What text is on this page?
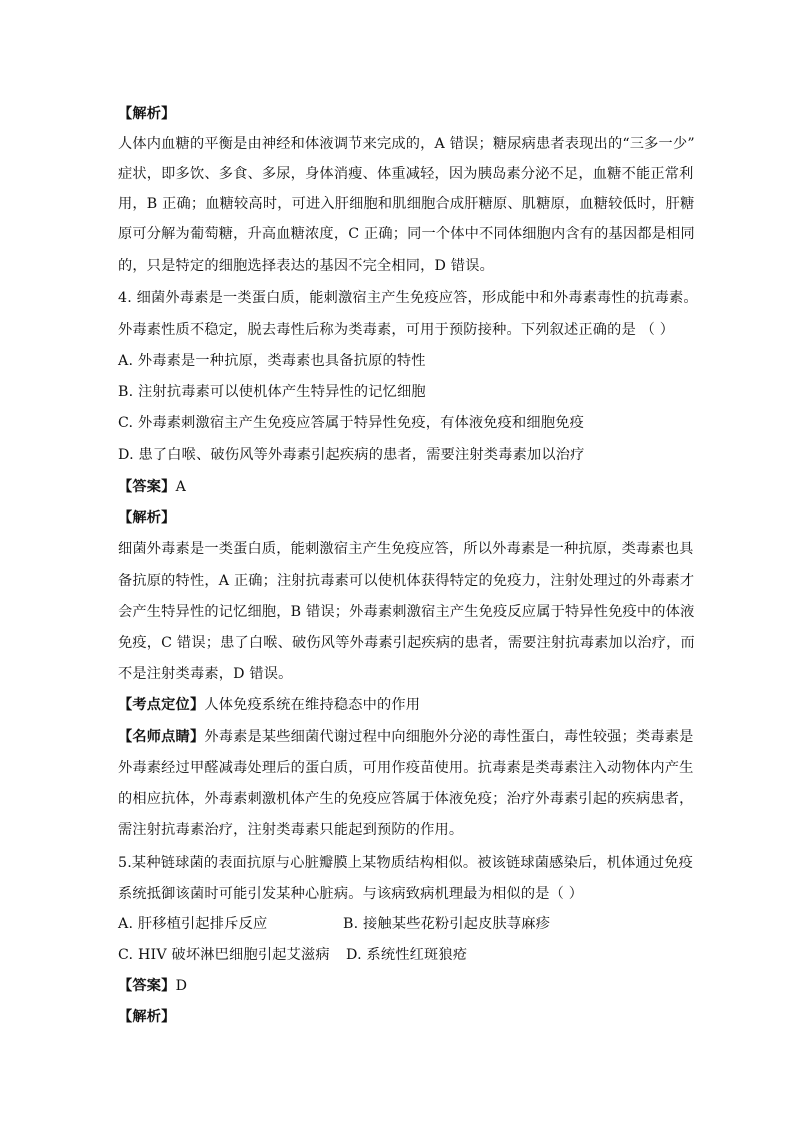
【解析】
人体内血糖的平衡是由神经和体液调节来完成的，A 错误；糖尿病患者表现出的“三多一少”
症状，即多饮、多食、多尿，身体消瘦、体重减轻，因为胰岛素分泌不足，血糖不能正常利
用，B 正确；血糖较高时，可进入肝细胞和肌细胞合成肝糖原、肌糖原，血糖较低时，肝糖
原可分解为葡萄糖，升高血糖浓度，C 正确；同一个体中不同体细胞内含有的基因都是相同
的，只是特定的细胞选择表达的基因不完全相同，D 错误。
4. 细菌外毒素是一类蛋白质，能刺激宿主产生免疫应答，形成能中和外毒素毒性的抗毒素。
外毒素性质不稳定，脱去毒性后称为类毒素，可用于预防接种。下列叙述正确的是 （ ）
A. 外毒素是一种抗原，类毒素也具备抗原的特性
B. 注射抗毒素可以使机体产生特异性的记忆细胞
C. 外毒素刺激宿主产生免疫应答属于特异性免疫，有体液免疫和细胞免疫
D. 患了白喉、破伤风等外毒素引起疾病的患者，需要注射类毒素加以治疗
【答案】A
【解析】
细菌外毒素是一类蛋白质，能刺激宿主产生免疫应答，所以外毒素是一种抗原，类毒素也具
备抗原的特性，A 正确；注射抗毒素可以使机体获得特定的免疫力，注射处理过的外毒素才
会产生特异性的记忆细胞，B 错误；外毒素刺激宿主产生免疫反应属于特异性免疫中的体液
免疫，C 错误；患了白喉、破伤风等外毒素引起疾病的患者，需要注射抗毒素加以治疗，而
不是注射类毒素，D 错误。
【考点定位】人体免疫系统在维持稳态中的作用
【名师点睛】外毒素是某些细菌代谢过程中向细胞外分泌的毒性蛋白，毒性较强；类毒素是
外毒素经过甲醛减毒处理后的蛋白质，可用作疫苗使用。抗毒素是类毒素注入动物体内产生
的相应抗体，外毒素刺激机体产生的免疫应答属于体液免疫；治疗外毒素引起的疾病患者，
需注射抗毒素治疗，注射类毒素只能起到预防的作用。
5.某种链球菌的表面抗原与心脏瓣膜上某物质结构相似。被该链球菌感染后，机体通过免疫
系统抵御该菌时可能引发某种心脏病。与该病致病机理最为相似的是（ ）
A. 肝移植引起排斥反应	B. 接触某些花粉引起皮肤荨麻疹
C. HIV 破坏淋巴细胞引起艾滋病 D. 系统性红斑狼疮
【答案】D
【解析】
